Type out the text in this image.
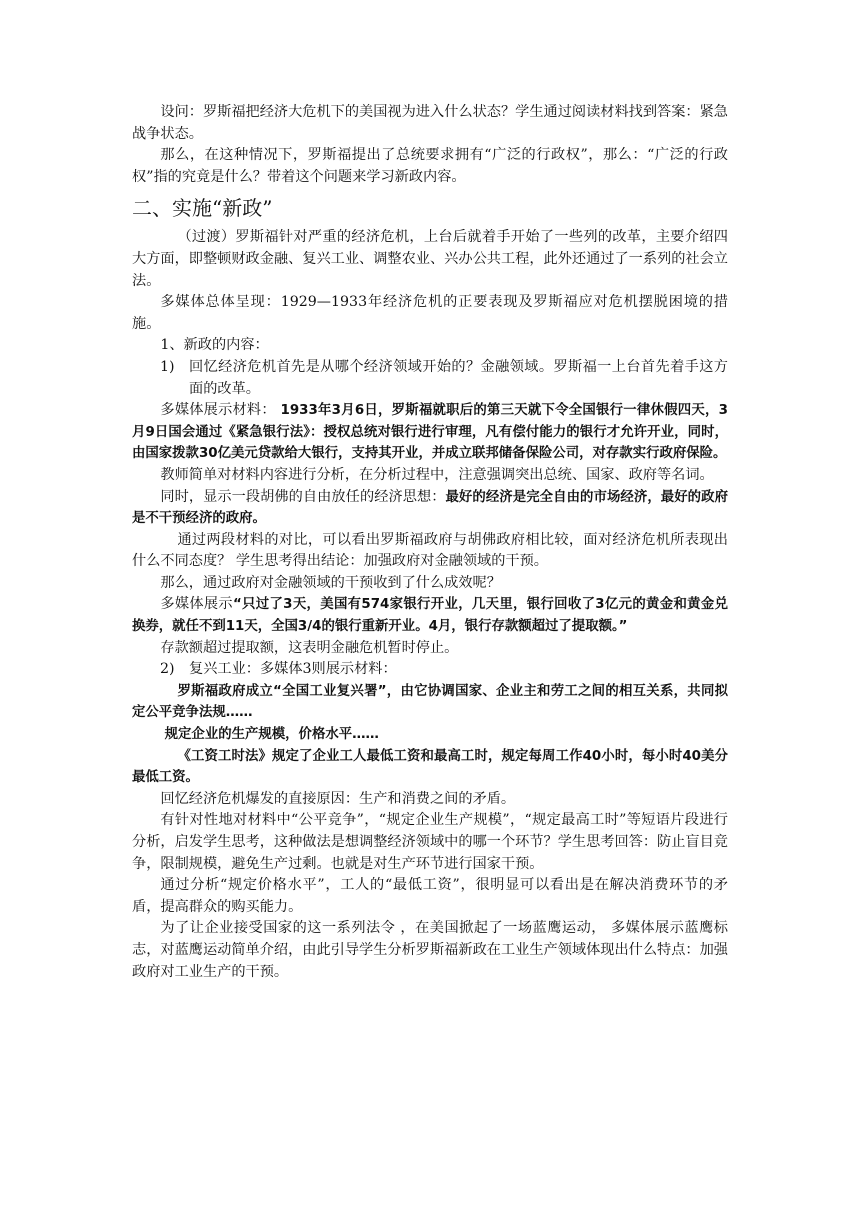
设问：罗斯福把经济大危机下的美国视为进入什么状态？学生通过阅读材料找到答案：紧急战争状态。

那么，在这种情况下，罗斯福提出了总统要求拥有“广泛的行政权”，那么：“广泛的行政权”指的究竟是什么？带着这个问题来学习新政内容。

二、实施“新政”

（过渡）罗斯福针对严重的经济危机，上台后就着手开始了一些列的改革，主要介绍四大方面，即整顿财政金融、复兴工业、调整农业、兴办公共工程，此外还通过了一系列的社会立法。

多媒体总体呈现：1929—1933年经济危机的正要表现及罗斯福应对危机摆脱困境的措施。

1、新政的内容：

1) 回忆经济危机首先是从哪个经济领域开始的？金融领域。罗斯福一上台首先着手这方面的改革。

多媒体展示材料： 1933年3月6日，罗斯福就职后的第三天就下令全国银行一律休假四天，3月9日国会通过《紧急银行法》：授权总统对银行进行审理，凡有偿付能力的银行才允许开业，同时，由国家拨款30亿美元贷款给大银行，支持其开业，并成立联邦储备保险公司，对存款实行政府保险。

教师简单对材料内容进行分析，在分析过程中，注意强调突出总统、国家、政府等名词。

同时，显示一段胡佛的自由放任的经济思想：最好的经济是完全自由的市场经济，最好的政府是不干预经济的政府。

通过两段材料的对比，可以看出罗斯福政府与胡佛政府相比较，面对经济危机所表现出什么不同态度？ 学生思考得出结论：加强政府对金融领域的干预。

那么，通过政府对金融领域的干预收到了什么成效呢？

多媒体展示“只过了3天，美国有574家银行开业，几天里，银行回收了3亿元的黄金和黄金兑换券，就任不到11天，全国3/4的银行重新开业。4月，银行存款额超过了提取额。”

存款额超过提取额，这表明金融危机暂时停止。

2) 复兴工业：多媒体3则展示材料：

罗斯福政府成立“全国工业复兴署”，由它协调国家、企业主和劳工之间的相互关系，共同拟定公平竞争法规……

规定企业的生产规模，价格水平……

《工资工时法》规定了企业工人最低工资和最高工时，规定每周工作40小时，每小时40美分最低工资。

回忆经济危机爆发的直接原因：生产和消费之间的矛盾。

有针对性地对材料中“公平竞争”，“规定企业生产规模”，“规定最高工时”等短语片段进行分析，启发学生思考，这种做法是想调整经济领域中的哪一个环节？学生思考回答：防止盲目竞争，限制规模，避免生产过剩。也就是对生产环节进行国家干预。

通过分析“规定价格水平”，工人的“最低工资”，很明显可以看出是在解决消费环节的矛盾，提高群众的购买能力。

为了让企业接受国家的这一系列法令 ，在美国掀起了一场蓝鹰运动， 多媒体展示蓝鹰标志，对蓝鹰运动简单介绍，由此引导学生分析罗斯福新政在工业生产领域体现出什么特点：加强政府对工业生产的干预。
